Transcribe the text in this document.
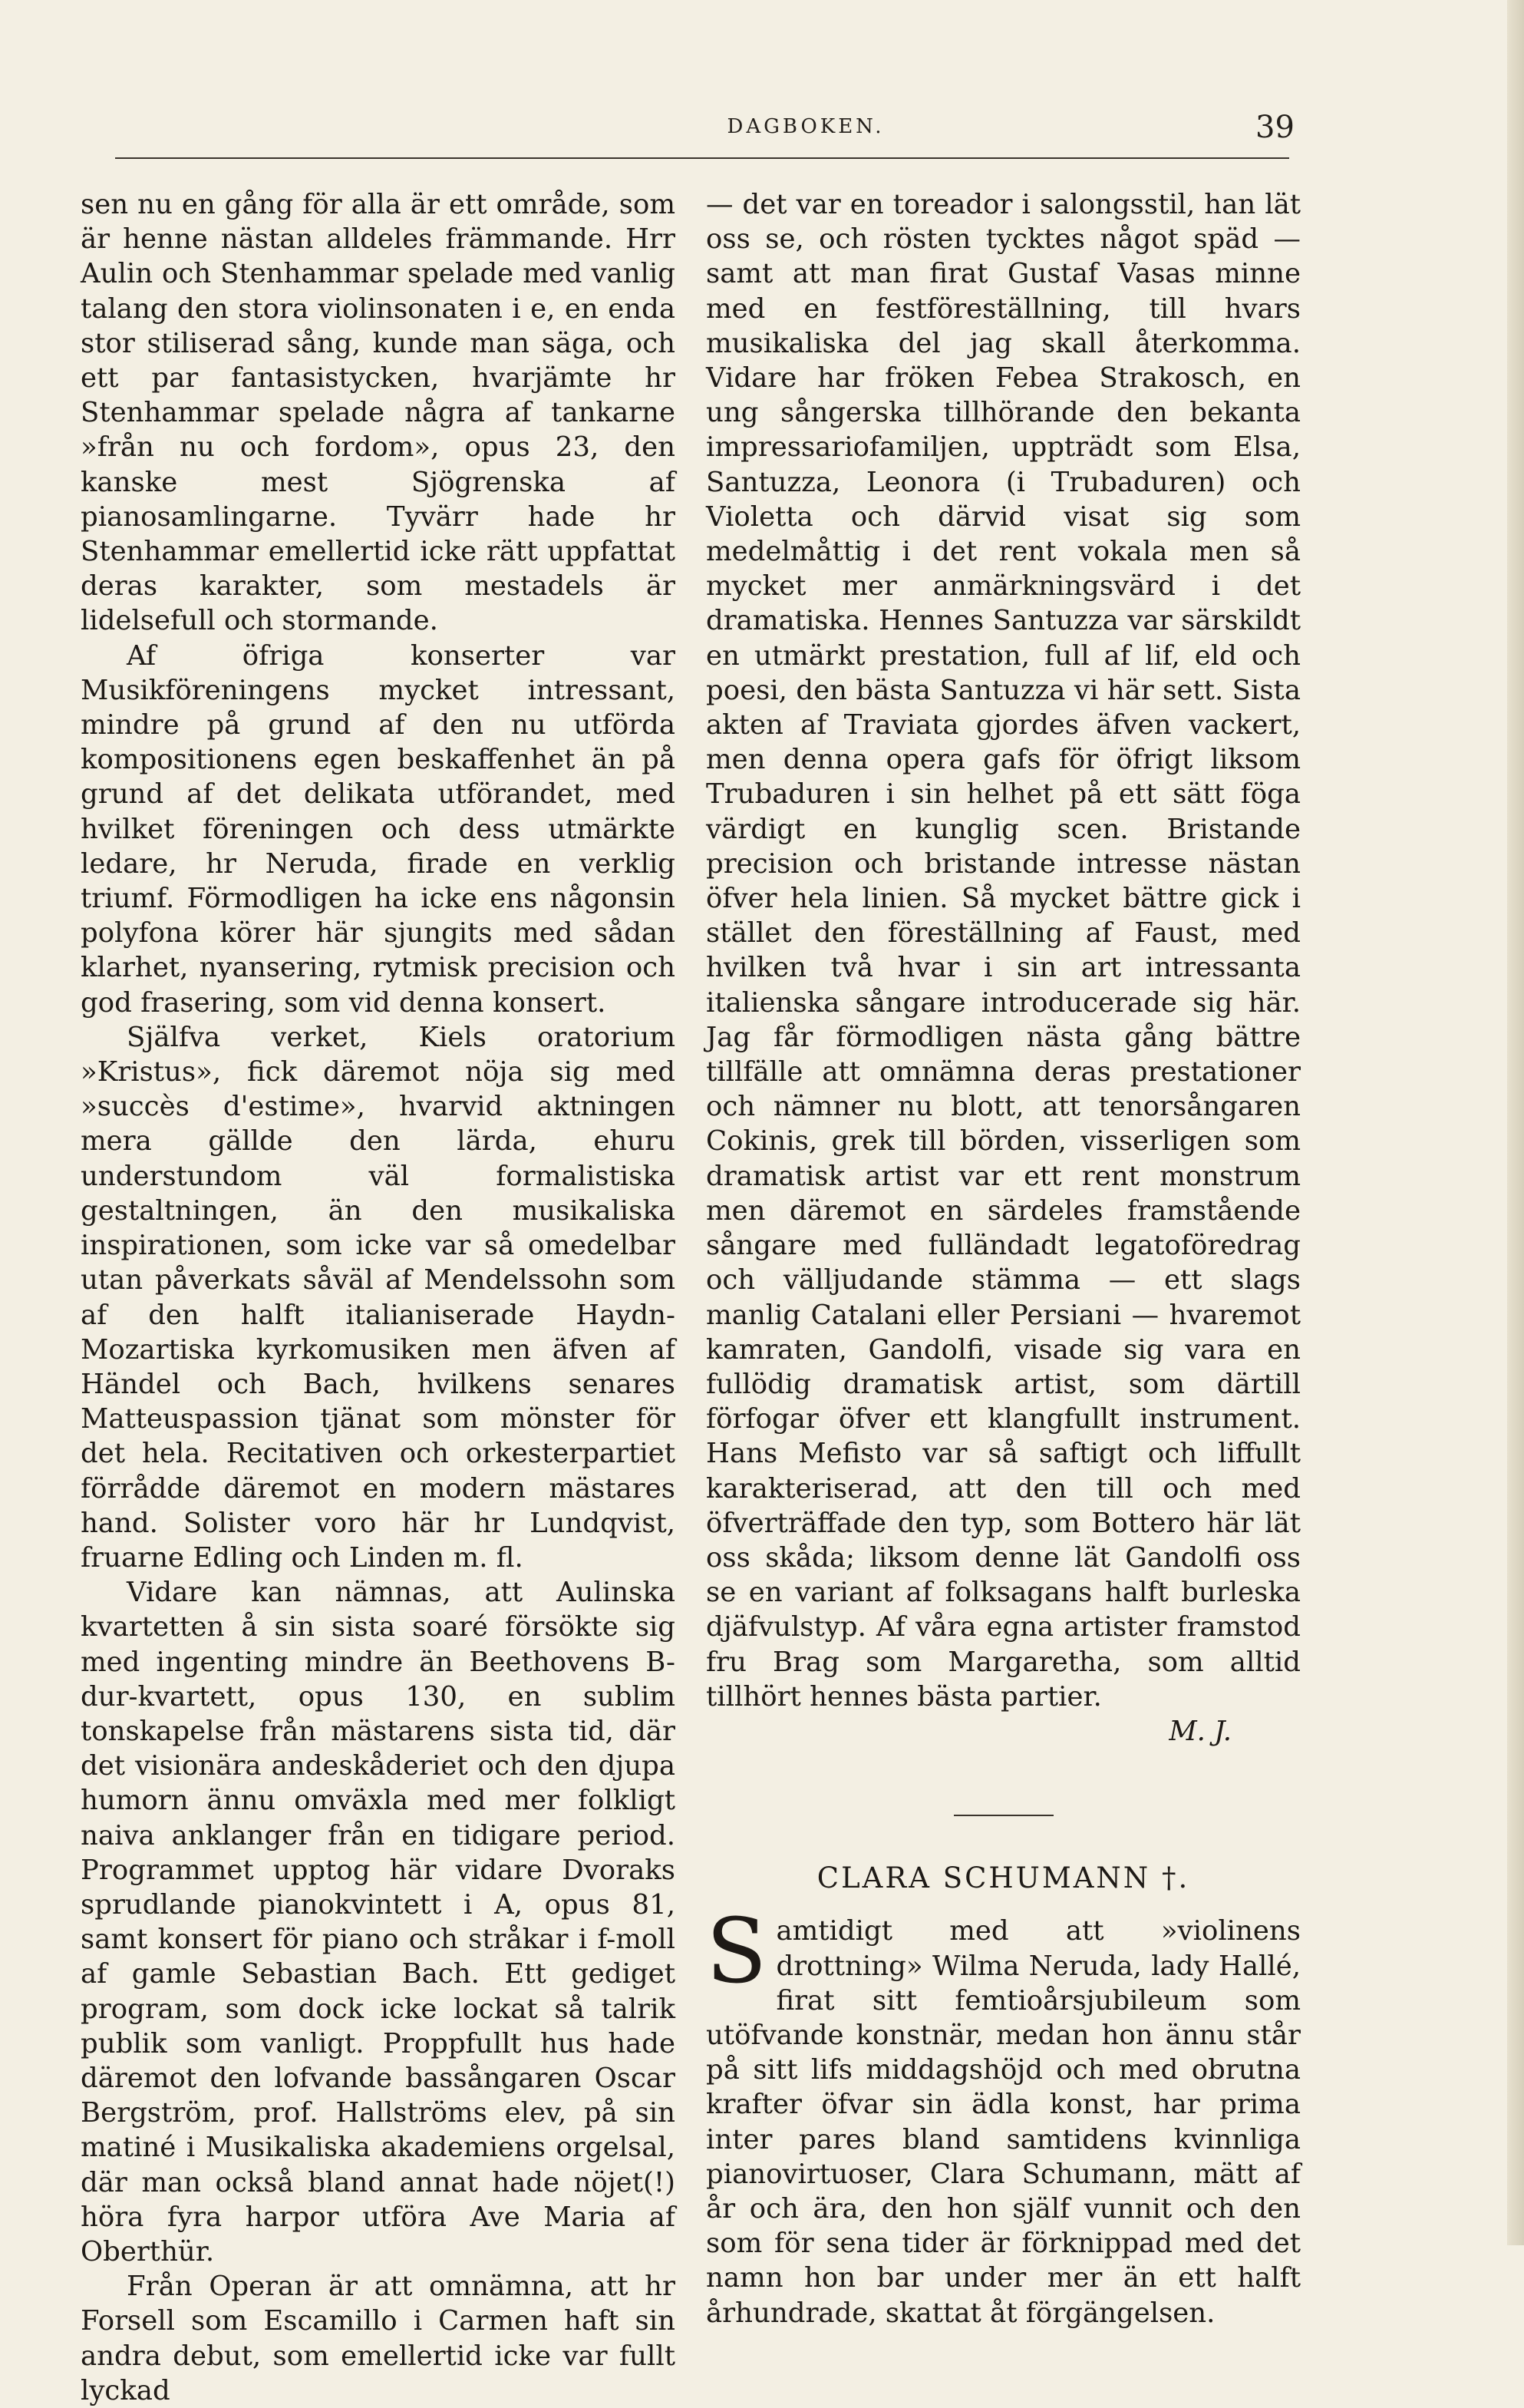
DAGBOKEN.	39

sen nu en gång för alla är ett område, som är henne nästan alldeles främmande. Hrr Aulin och Stenhammar spelade med vanlig talang den stora violinsonaten i e, en enda stor stiliserad sång, kunde man säga, och ett par fantasistycken, hvarjämte hr Stenhammar spelade några af tankarne »från nu och fordom», opus 23, den kanske mest Sjögrenska af pianosamlingarne. Tyvärr hade hr Stenhammar emellertid icke rätt uppfattat deras karakter, som mestadels är lidelsefull och stormande.

Af öfriga konserter var Musikföreningens mycket intressant, mindre på grund af den nu utförda kompositionens egen beskaffenhet än på grund af det delikata utförandet, med hvilket föreningen och dess utmärkte ledare, hr Neruda, firade en verklig triumf. Förmodligen ha icke ens någonsin polyfona körer här sjungits med sådan klarhet, nyansering, rytmisk precision och god frasering, som vid denna konsert.

Själfva verket, Kiels oratorium »Kristus», fick däremot nöja sig med »succès d'estime», hvarvid aktningen mera gällde den lärda, ehuru understundom väl formalistiska gestaltningen, än den musikaliska inspirationen, som icke var så omedelbar utan påverkats såväl af Mendelssohn som af den halft italianiserade Haydn-Mozartiska kyrkomusiken men äfven af Händel och Bach, hvilkens senares Matteuspassion tjänat som mönster för det hela. Recitativen och orkesterpartiet förrådde däremot en modern mästares hand. Solister voro här hr Lundqvist, fruarne Edling och Linden m. fl.

Vidare kan nämnas, att Aulinska kvartetten å sin sista soaré försökte sig med ingenting mindre än Beethovens B-dur-kvartett, opus 130, en sublim tonskapelse från mästarens sista tid, där det visionära andeskåderiet och den djupa humorn ännu omväxla med mer folkligt naiva anklanger från en tidigare period. Programmet upptog här vidare Dvoraks sprudlande pianokvintett i A, opus 81, samt konsert för piano och stråkar i f-moll af gamle Sebastian Bach. Ett gediget program, som dock icke lockat så talrik publik som vanligt. Proppfullt hus hade däremot den lofvande bassångaren Oscar Bergström, prof. Hallströms elev, på sin matiné i Musikaliska akademiens orgelsal, där man också bland annat hade nöjet(!) höra fyra harpor utföra Ave Maria af Oberthür.

Från Operan är att omnämna, att hr Forsell som Escamillo i Carmen haft sin andra debut, som emellertid icke var fullt lyckad

— det var en toreador i salongsstil, han lät oss se, och rösten tycktes något späd — samt att man firat Gustaf Vasas minne med en festföreställning, till hvars musikaliska del jag skall återkomma. Vidare har fröken Febea Strakosch, en ung sångerska tillhörande den bekanta impressariofamiljen, uppträdt som Elsa, Santuzza, Leonora (i Trubaduren) och Violetta och därvid visat sig som medelmåttig i det rent vokala men så mycket mer anmärkningsvärd i det dramatiska. Hennes Santuzza var särskildt en utmärkt prestation, full af lif, eld och poesi, den bästa Santuzza vi här sett. Sista akten af Traviata gjordes äfven vackert, men denna opera gafs för öfrigt liksom Trubaduren i sin helhet på ett sätt föga värdigt en kunglig scen. Bristande precision och bristande intresse nästan öfver hela linien. Så mycket bättre gick i stället den föreställning af Faust, med hvilken två hvar i sin art intressanta italienska sångare introducerade sig här. Jag får förmodligen nästa gång bättre tillfälle att omnämna deras prestationer och nämner nu blott, att tenorsångaren Cokinis, grek till börden, visserligen som dramatisk artist var ett rent monstrum men däremot en särdeles framstående sångare med fulländadt legatoföredrag och välljudande stämma — ett slags manlig Catalani eller Persiani — hvaremot kamraten, Gandolfi, visade sig vara en fullödig dramatisk artist, som därtill förfogar öfver ett klangfullt instrument. Hans Mefisto var så saftigt och liffullt karakteriserad, att den till och med öfverträffade den typ, som Bottero här lät oss skåda; liksom denne lät Gandolfi oss se en variant af folksagans halft burleska djäfvulstyp. Af våra egna artister framstod fru Brag som Margaretha, som alltid tillhört hennes bästa partier.

M. J.

CLARA SCHUMANN †.

Samtidigt med att »violinens drottning» Wilma Neruda, lady Hallé, firat sitt femtioårsjubileum som utöfvande konstnär, medan hon ännu står på sitt lifs middagshöjd och med obrutna krafter öfvar sin ädla konst, har prima inter pares bland samtidens kvinnliga pianovirtuoser, Clara Schumann, mätt af år och ära, den hon själf vunnit och den som för sena tider är förknippad med det namn hon bar under mer än ett halft århundrade, skattat åt förgängelsen.
